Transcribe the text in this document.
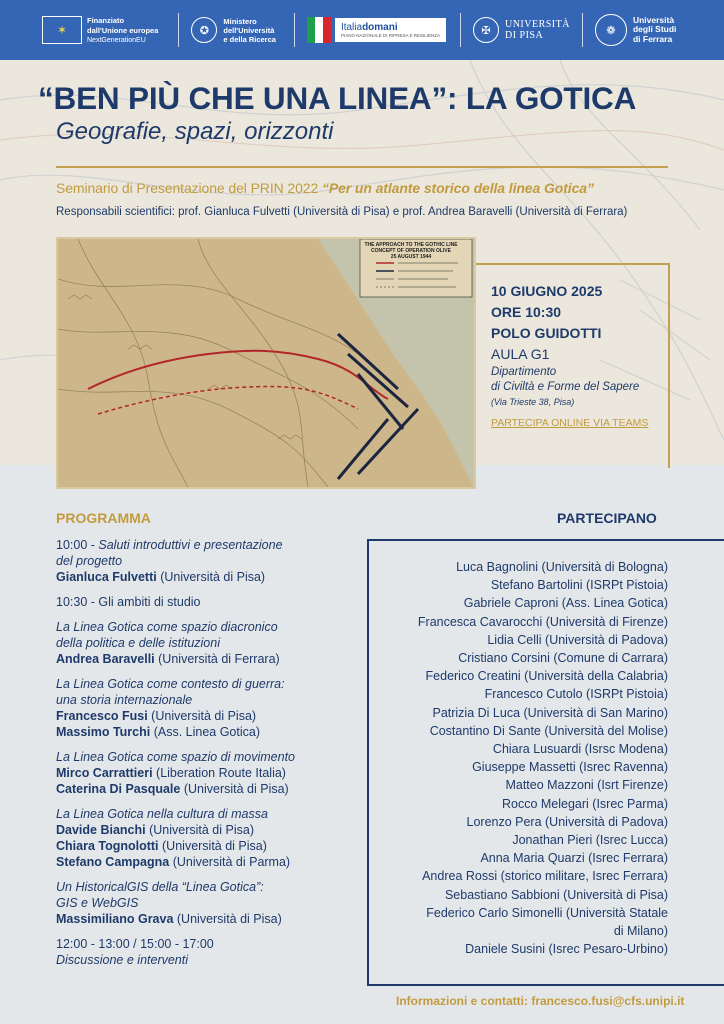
✶
Finanziato
dall'Unione europea
NextGenerationEU
✪
Ministero
dell'Università
e della Ricerca
Italiadomani
PIANO NAZIONALE DI RIPRESA E RESILIENZA	✠	UNIVERSITÀ
DI PISA	❁
Università
degli Studi
di Ferrara
“BEN PIÙ CHE UNA LINEA”: LA GOTICA
Geografie, spazi, orizzonti
Seminario di Presentazione del PRIN 2022 “Per un atlante storico della linea Gotica”
Responsabili scientifici: prof. Gianluca Fulvetti (Università di Pisa) e prof. Andrea Baravelli (Università di Ferrara)
THE APPROACH TO THE GOTHIC LINE
CONCEPT OF OPERATION OLIVE
25 AUGUST 1944
10 GIUGNO 2025
ORE 10:30
POLO GUIDOTTI
AULA G1
Dipartimento
di Civiltà e Forme del Sapere
(Via Trieste 38, Pisa)
PARTECIPA ONLINE VIA TEAMS
PROGRAMMA	PARTECIPANO
10:00 - Saluti introduttivi e presentazione
del progetto
Gianluca Fulvetti (Università di Pisa)
10:30 - Gli ambiti di studio
La Linea Gotica come spazio diacronico
della politica e delle istituzioni
Andrea Baravelli (Università di Ferrara)
La Linea Gotica come contesto di guerra:
una storia internazionale
Francesco Fusi (Università di Pisa)
Massimo Turchi (Ass. Linea Gotica)
La Linea Gotica come spazio di movimento
Mirco Carrattieri (Liberation Route Italia)
Caterina Di Pasquale (Università di Pisa)
La Linea Gotica nella cultura di massa
Davide Bianchi (Università di Pisa)
Chiara Tognolotti (Università di Pisa)
Stefano Campagna (Università di Parma)
Un HistoricalGIS della “Linea Gotica”:
GIS e WebGIS
Massimiliano Grava (Università di Pisa)
12:00 - 13:00 / 15:00 - 17:00
Discussione e interventi
Luca Bagnolini (Università di Bologna)
Stefano Bartolini (ISRPt Pistoia)
Gabriele Caproni (Ass. Linea Gotica)
Francesca Cavarocchi (Università di Firenze)
Lidia Celli (Università di Padova)
Cristiano Corsini (Comune di Carrara)
Federico Creatini (Università della Calabria)
Francesco Cutolo (ISRPt Pistoia)
Patrizia Di Luca (Università di San Marino)
Costantino Di Sante (Università del Molise)
Chiara Lusuardi (Isrsc Modena)
Giuseppe Massetti (Isrec Ravenna)
Matteo Mazzoni (Isrt Firenze)
Rocco Melegari (Isrec Parma)
Lorenzo Pera (Università di Padova)
Jonathan Pieri (Isrec Lucca)
Anna Maria Quarzi (Isrec Ferrara)
Andrea Rossi (storico militare, Isrec Ferrara)
Sebastiano Sabbioni (Università di Pisa)
Federico Carlo Simonelli (Università Statale
di Milano)
Daniele Susini (Isrec Pesaro-Urbino)
Informazioni e contatti: francesco.fusi@cfs.unipi.it
